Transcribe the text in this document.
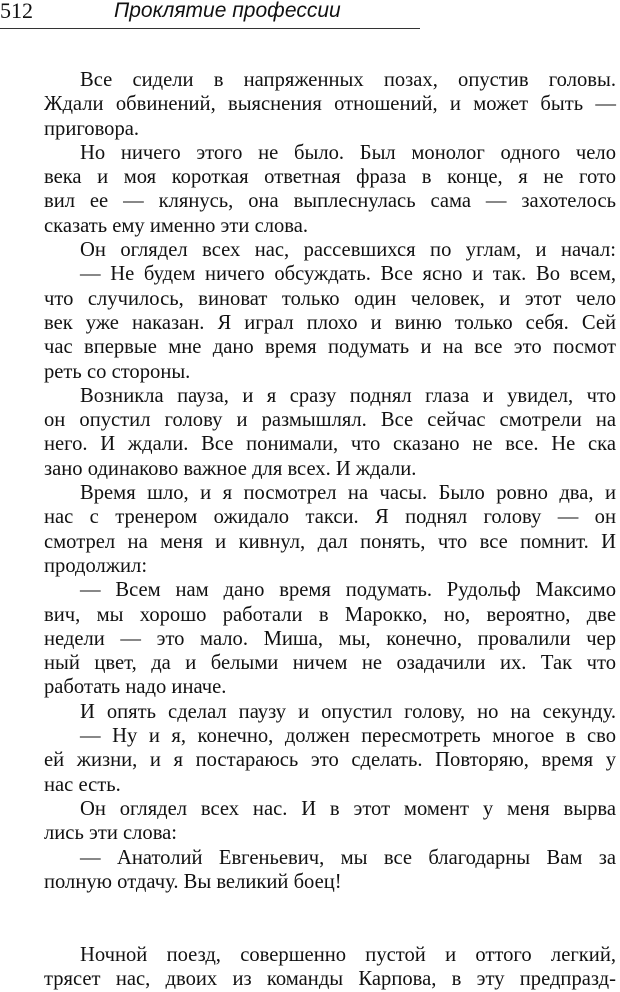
512	Проклятие профессии
Все сидели в напряженных позах, опустив головы.
Ждали обвинений, выяснения отношений, и может быть —
приговора.
Но ничего этого не было. Был монолог одного чело
века и моя короткая ответная фраза в конце, я не гото
вил ее — клянусь, она выплеснулась сама — захотелось
сказать ему именно эти слова.
Он оглядел всех нас, рассевшихся по углам, и начал:
— Не будем ничего обсуждать. Все ясно и так. Во всем,
что случилось, виноват только один человек, и этот чело
век уже наказан. Я играл плохо и виню только себя. Сей
час впервые мне дано время подумать и на все это посмот
реть со стороны.
Возникла пауза, и я сразу поднял глаза и увидел, что
он опустил голову и размышлял. Все сейчас смотрели на
него. И ждали. Все понимали, что сказано не все. Не ска
зано одинаково важное для всех. И ждали.
Время шло, и я посмотрел на часы. Было ровно два, и
нас с тренером ожидало такси. Я поднял голову — он
смотрел на меня и кивнул, дал понять, что все помнит. И
продолжил:
— Всем нам дано время подумать. Рудольф Максимо
вич, мы хорошо работали в Марокко, но, вероятно, две
недели — это мало. Миша, мы, конечно, провалили чер
ный цвет, да и белыми ничем не озадачили их. Так что
работать надо иначе.
И опять сделал паузу и опустил голову, но на секунду.
— Ну и я, конечно, должен пересмотреть многое в сво
ей жизни, и я постараюсь это сделать. Повторяю, время у
нас есть.
Он оглядел всех нас. И в этот момент у меня вырва
лись эти слова:
— Анатолий Евгеньевич, мы все благодарны Вам за
полную отдачу. Вы великий боец!
Ночной поезд, совершенно пустой и оттого легкий,
трясет нас, двоих из команды Карпова, в эту предпразд-
